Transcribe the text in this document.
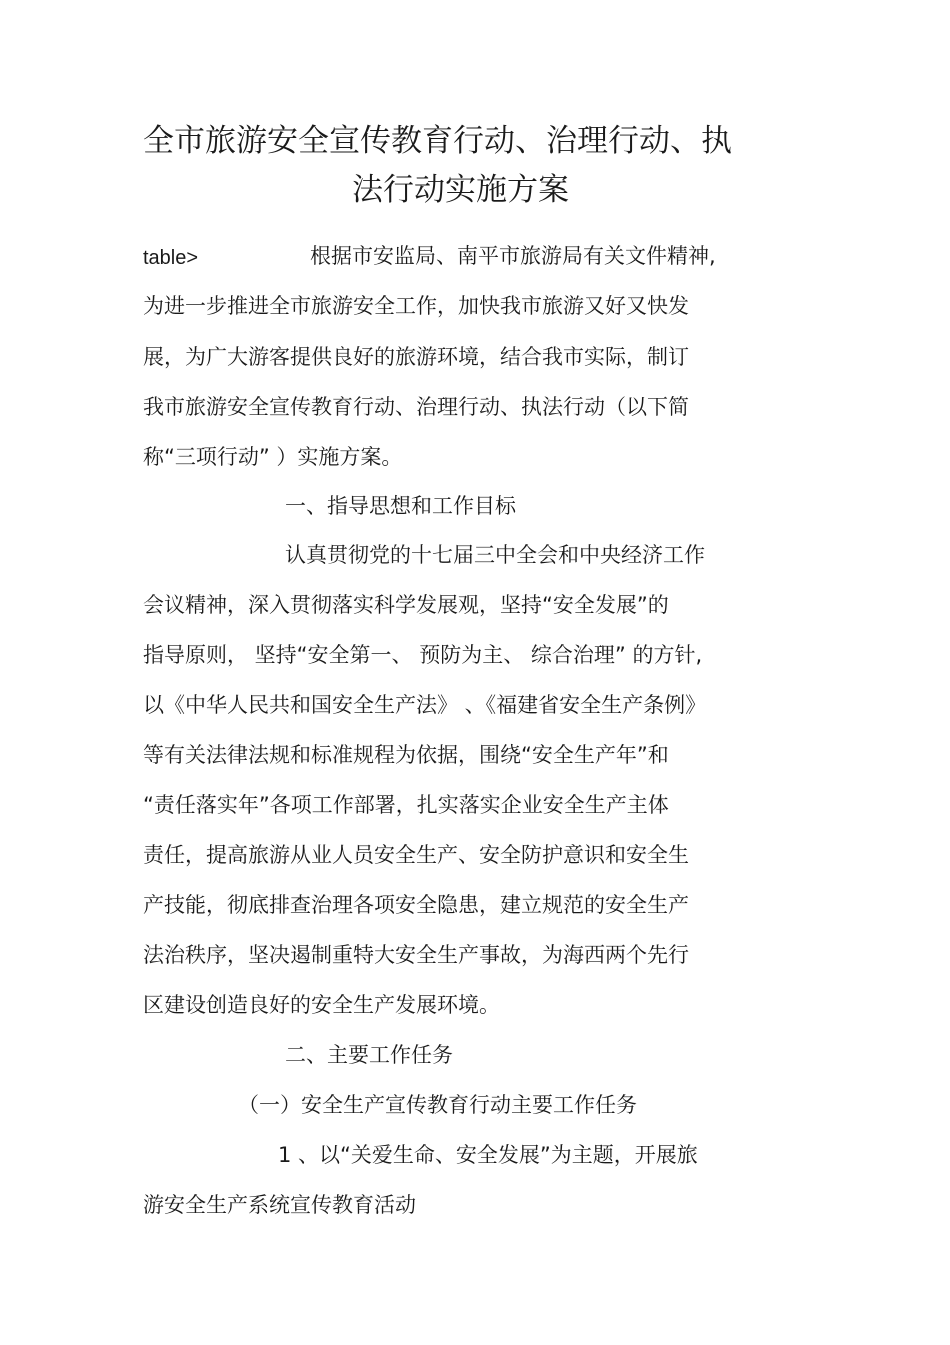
全市旅游安全宣传教育行动、治理行动、执
法行动实施方案
table>	根据市安监局、南平市旅游局有关文件精神,
为进一步推进全市旅游安全工作，加快我市旅游又好又快发
展，为广大游客提供良好的旅游环境，结合我市实际，制订
我市旅游安全宣传教育行动、治理行动、执法行动（以下简
称“三项行动” ）实施方案。
一、指导思想和工作目标
认真贯彻党的十七届三中全会和中央经济工作
会议精神，深入贯彻落实科学发展观，坚持“安全发展”的
指导原则， 坚持“安全第一、 预防为主、 综合治理” 的方针,
以《中华人民共和国安全生产法》 、《福建省安全生产条例》
等有关法律法规和标准规程为依据，围绕“安全生产年”和
“责任落实年”各项工作部署，扎实落实企业安全生产主体
责任，提高旅游从业人员安全生产、安全防护意识和安全生
产技能，彻底排查治理各项安全隐患，建立规范的安全生产
法治秩序，坚决遏制重特大安全生产事故，为海西两个先行
区建设创造良好的安全生产发展环境。
二、主要工作任务
（一）安全生产宣传教育行动主要工作任务
1 、以“关爱生命、安全发展”为主题，开展旅
游安全生产系统宣传教育活动
